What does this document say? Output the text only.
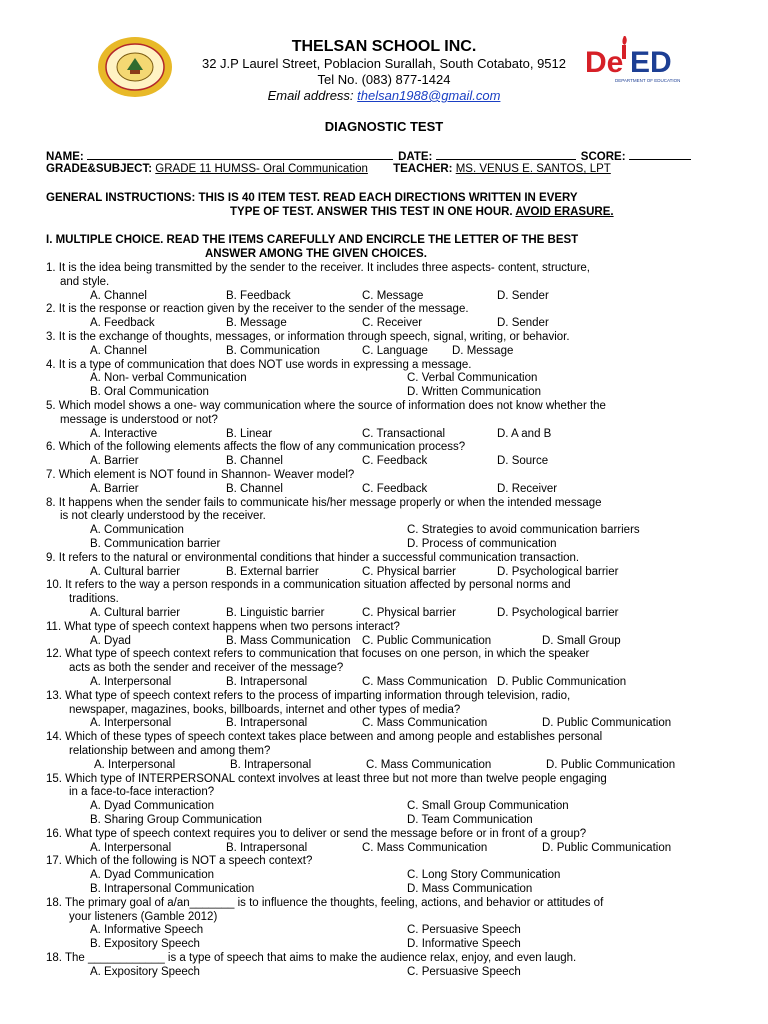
De ED
DEPARTMENT OF EDUCATION
THELSAN SCHOOL INC.
32 J.P Laurel Street, Poblacion Surallah, South Cotabato, 9512
Tel No. (083) 877-1424
Email address: thelsan1988@gmail.com
DIAGNOSTIC TEST
NAME:	DATE:	SCORE:
GRADE&SUBJECT: GRADE 11 HUMSS- Oral Communication TEACHER: MS. VENUS E. SANTOS, LPT
GENERAL INSTRUCTIONS: THIS IS 40 ITEM TEST. READ EACH DIRECTIONS WRITTEN IN EVERY
TYPE OF TEST. ANSWER THIS TEST IN ONE HOUR. AVOID ERASURE.
I. MULTIPLE CHOICE. READ THE ITEMS CAREFULLY AND ENCIRCLE THE LETTER OF THE BEST
ANSWER AMONG THE GIVEN CHOICES.
1. It is the idea being transmitted by the sender to the receiver. It includes three aspects- content, structure,
and style.
A. Channel	B. Feedback	C. Message	D. Sender
2. It is the response or reaction given by the receiver to the sender of the message.
A. Feedback	B. Message	C. Receiver	D. Sender
3. It is the exchange of thoughts, messages, or information through speech, signal, writing, or behavior.
A. Channel	B. Communication	C. Language D. Message
4. It is a type of communication that does NOT use words in expressing a message.
A. Non- verbal Communication	C. Verbal Communication
B. Oral Communication	D. Written Communication
5. Which model shows a one- way communication where the source of information does not know whether the
message is understood or not?
A. Interactive	B. Linear	C. Transactional	D. A and B
6. Which of the following elements affects the flow of any communication process?
A. Barrier	B. Channel	C. Feedback	D. Source
7. Which element is NOT found in Shannon- Weaver model?
A. Barrier	B. Channel	C. Feedback	D. Receiver
8. It happens when the sender fails to communicate his/her message properly or when the intended message
is not clearly understood by the receiver.
A. Communication	C. Strategies to avoid communication barriers
B. Communication barrier	D. Process of communication
9. It refers to the natural or environmental conditions that hinder a successful communication transaction.
A. Cultural barrier	B. External barrier	C. Physical barrier	D. Psychological barrier
10. It refers to the way a person responds in a communication situation affected by personal norms and
traditions.
A. Cultural barrier	B. Linguistic barrier	C. Physical barrier	D. Psychological barrier
11. What type of speech context happens when two persons interact?
A. Dyad	B. Mass Communication C. Public Communication	D. Small Group
12. What type of speech context refers to communication that focuses on one person, in which the speaker
acts as both the sender and receiver of the message?
A. Interpersonal	B. Intrapersonal	C. Mass Communication D. Public Communication
13. What type of speech context refers to the process of imparting information through television, radio,
newspaper, magazines, books, billboards, internet and other types of media?
A. Interpersonal	B. Intrapersonal	C. Mass Communication	D. Public Communication
14. Which of these types of speech context takes place between and among people and establishes personal
relationship between and among them?
A. Interpersonal	B. Intrapersonal	C. Mass Communication	D. Public Communication
15. Which type of INTERPERSONAL context involves at least three but not more than twelve people engaging
in a face-to-face interaction?
A. Dyad Communication	C. Small Group Communication
B. Sharing Group Communication	D. Team Communication
16. What type of speech context requires you to deliver or send the message before or in front of a group?
A. Interpersonal	B. Intrapersonal	C. Mass Communication	D. Public Communication
17. Which of the following is NOT a speech context?
A. Dyad Communication	C. Long Story Communication
B. Intrapersonal Communication	D. Mass Communication
18. The primary goal of a/an_______ is to influence the thoughts, feeling, actions, and behavior or attitudes of
your listeners (Gamble 2012)
A. Informative Speech	C. Persuasive Speech
B. Expository Speech	D. Informative Speech
18. The ____________ is a type of speech that aims to make the audience relax, enjoy, and even laugh.
A. Expository Speech	C. Persuasive Speech
